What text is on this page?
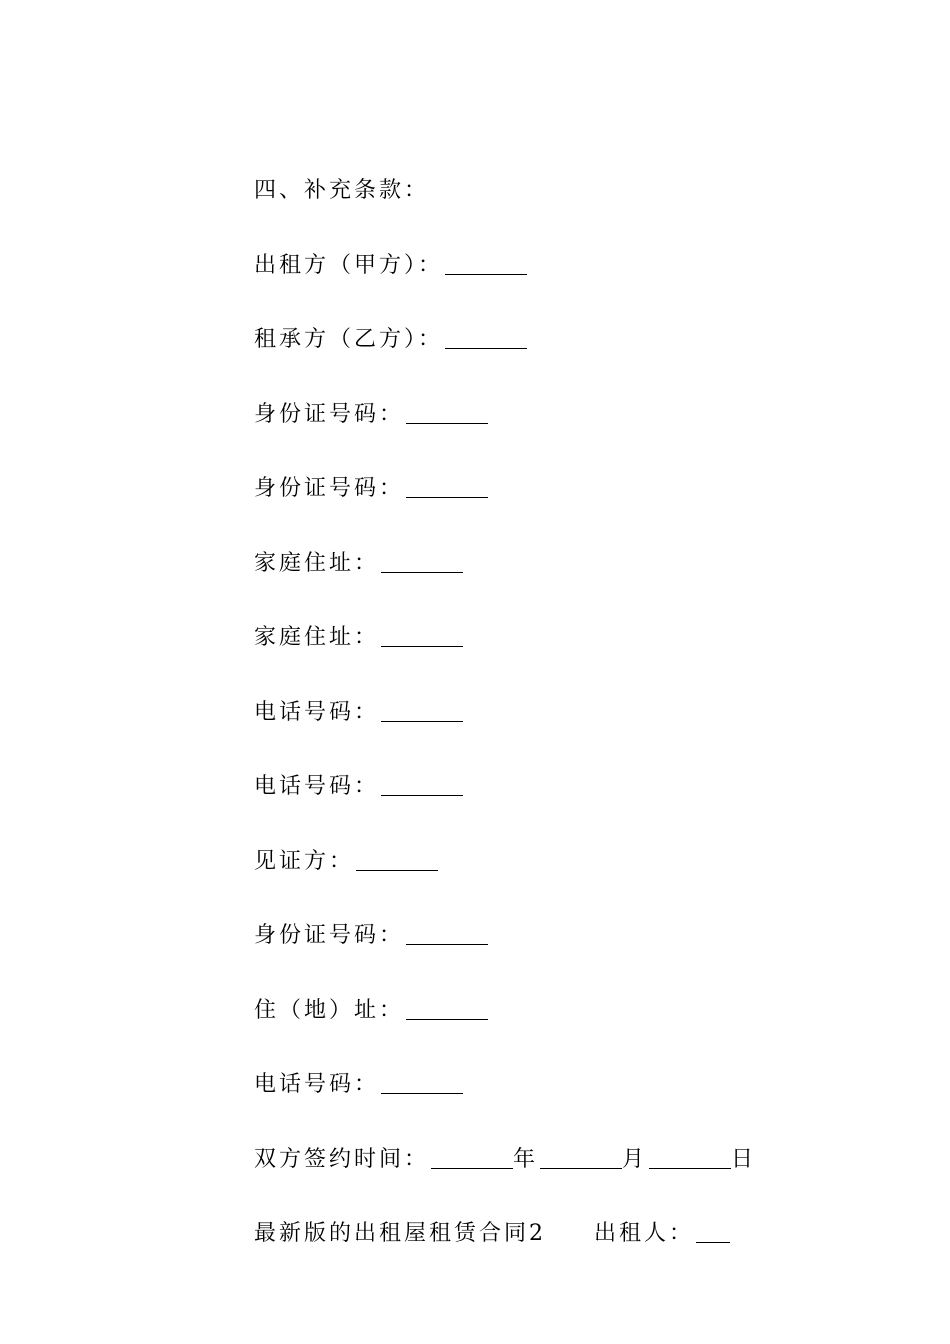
四、补充条款：

出租方（甲方）：

租承方（乙方）：

身份证号码：

身份证号码：

家庭住址：

家庭住址：

电话号码：

电话号码：

见证方：

身份证号码：

住（地）址：

电话号码：

双方签约时间：	年	月	日

最新版的出租屋租赁合同2 出租人：
